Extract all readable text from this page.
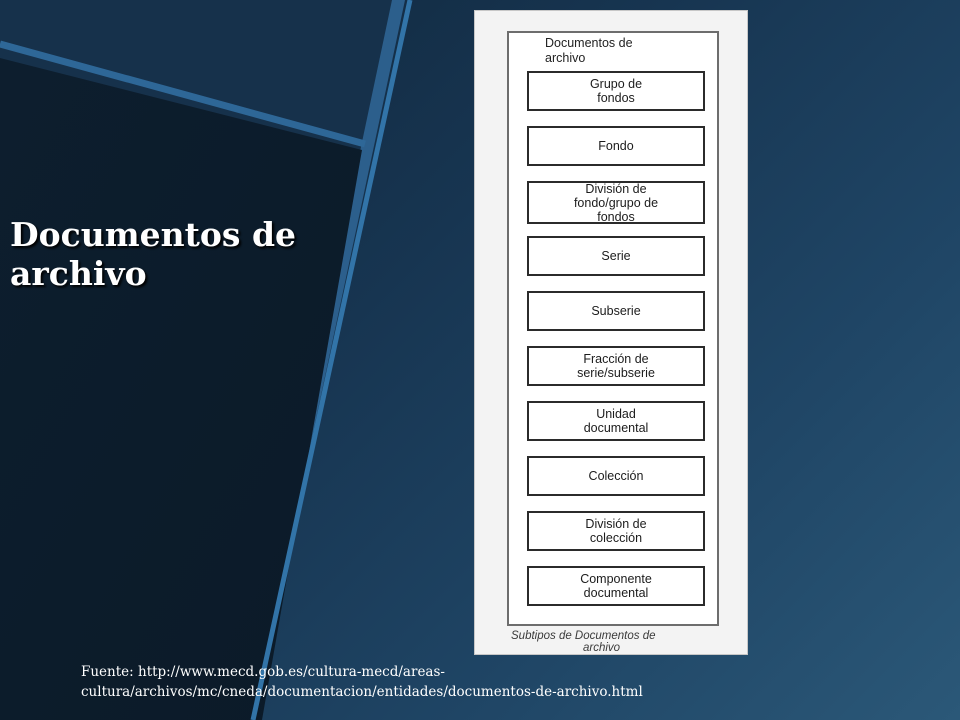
Documentos de
archivo

Documentos de
archivo

Grupo de
fondos
Fondo
División de
fondo/grupo de
fondos
Serie
Subserie
Fracción de
serie/subserie
Unidad
documental
Colección
División de
colección
Componente
documental

Subtipos de Documentos de
archivo

Fuente: http://www.mecd.gob.es/cultura-mecd/areas-
cultura/archivos/mc/cneda/documentacion/entidades/documentos-de-archivo.html
